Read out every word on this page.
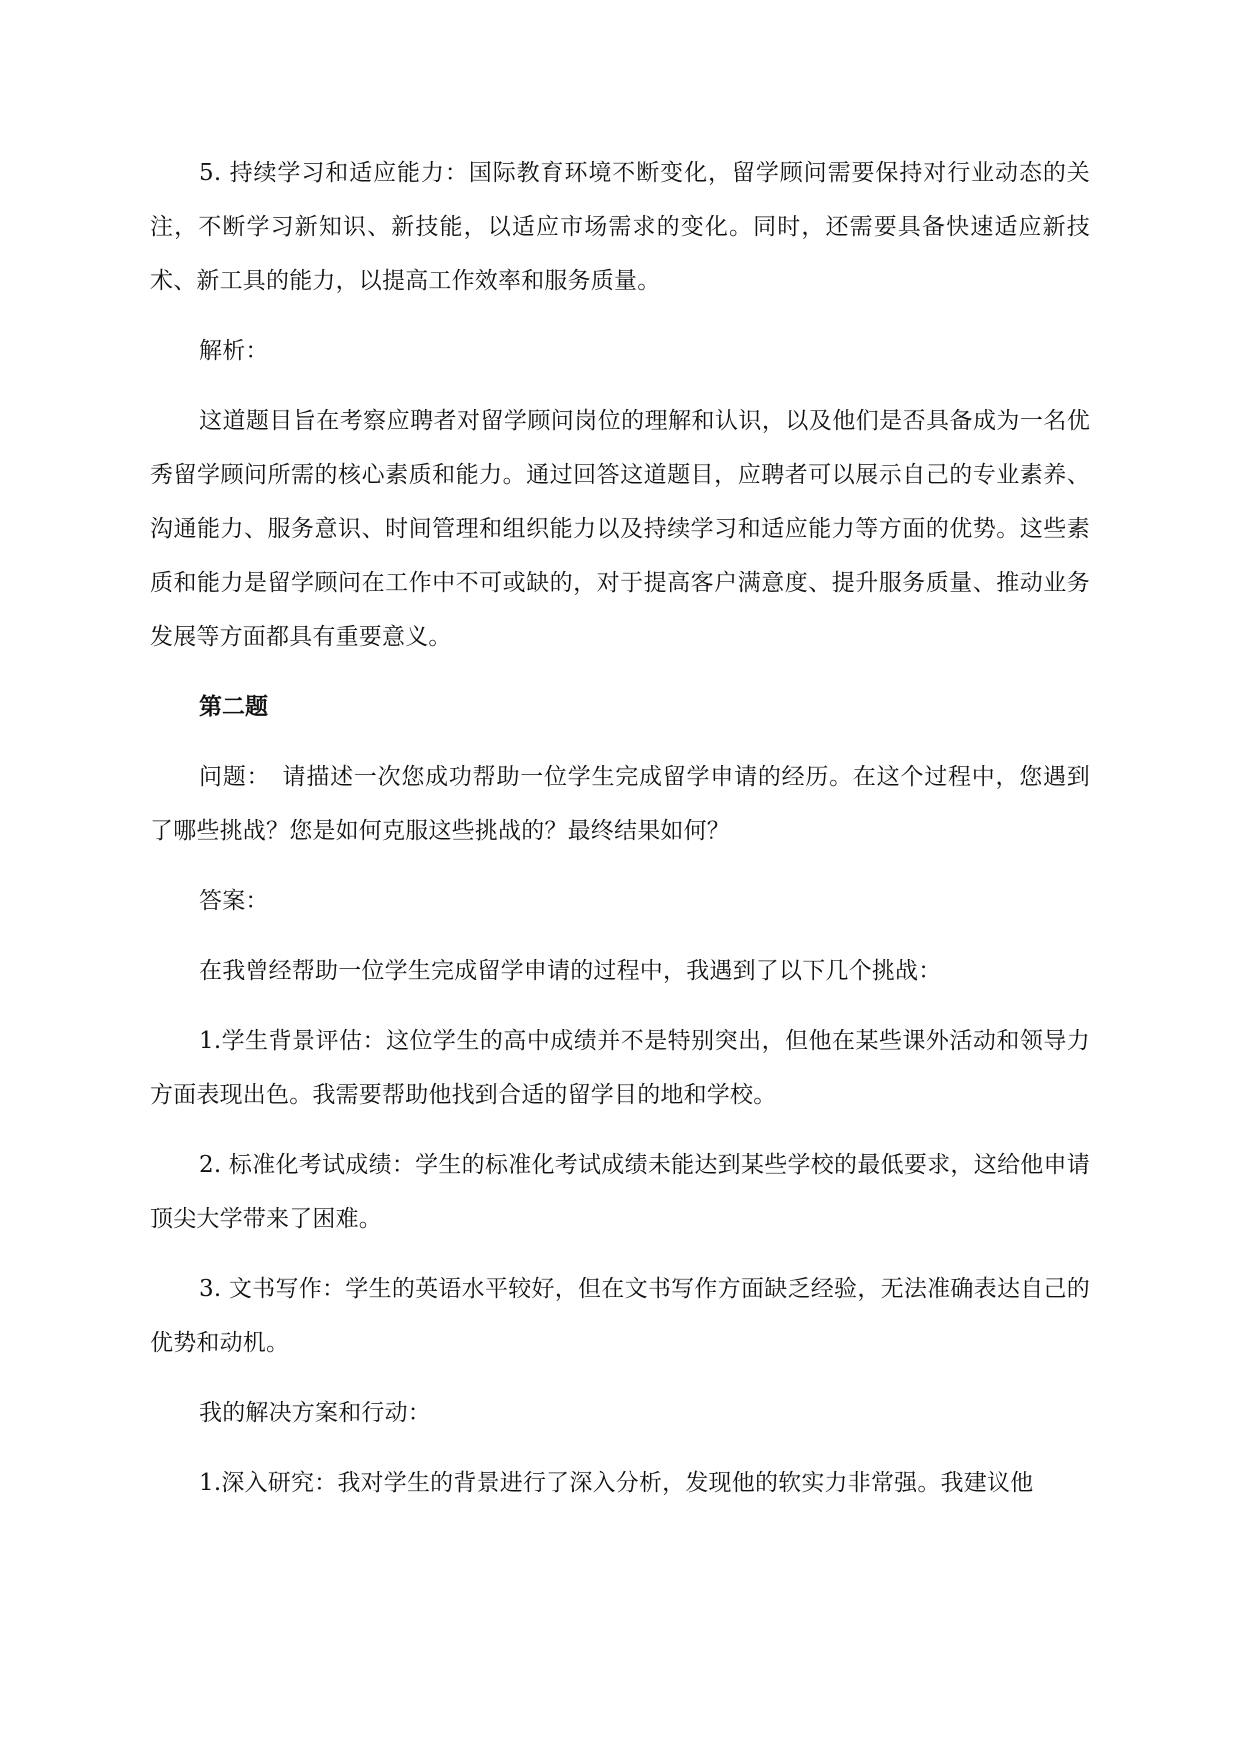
5. 持续学习和适应能力：国际教育环境不断变化，留学顾问需要保持对行业动态的关注，不断学习新知识、新技能，以适应市场需求的变化。同时，还需要具备快速适应新技术、新工具的能力，以提高工作效率和服务质量。

解析：

这道题目旨在考察应聘者对留学顾问岗位的理解和认识，以及他们是否具备成为一名优秀留学顾问所需的核心素质和能力。通过回答这道题目，应聘者可以展示自己的专业素养、沟通能力、服务意识、时间管理和组织能力以及持续学习和适应能力等方面的优势。这些素质和能力是留学顾问在工作中不可或缺的，对于提高客户满意度、提升服务质量、推动业务发展等方面都具有重要意义。

第二题

问题：　请描述一次您成功帮助一位学生完成留学申请的经历。在这个过程中，您遇到了哪些挑战？您是如何克服这些挑战的？最终结果如何？

答案：

在我曾经帮助一位学生完成留学申请的过程中，我遇到了以下几个挑战：

1.学生背景评估：这位学生的高中成绩并不是特别突出，但他在某些课外活动和领导力方面表现出色。我需要帮助他找到合适的留学目的地和学校。

2. 标准化考试成绩：学生的标准化考试成绩未能达到某些学校的最低要求，这给他申请顶尖大学带来了困难。

3. 文书写作：学生的英语水平较好，但在文书写作方面缺乏经验，无法准确表达自己的优势和动机。

我的解决方案和行动：

1.深入研究：我对学生的背景进行了深入分析，发现他的软实力非常强。我建议他
